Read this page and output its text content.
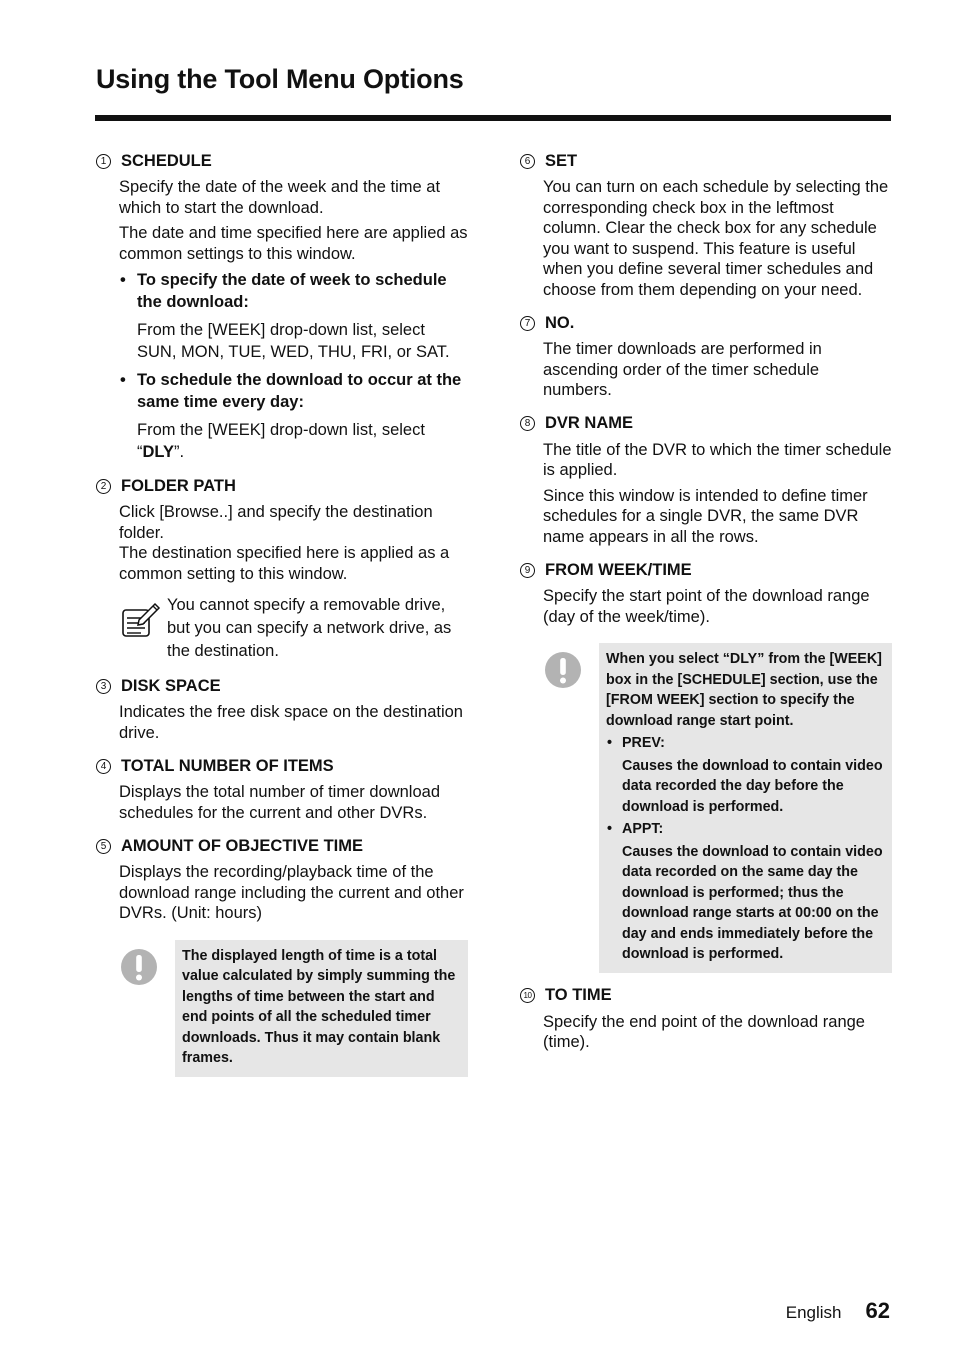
Using the Tool Menu Options
1 SCHEDULE

Specify the date of the week and the time at which to start the download.

The date and time specified here are applied as common settings to this window.

• To specify the date of week to schedule the download:
From the [WEEK] drop-down list, select SUN, MON, TUE, WED, THU, FRI, or SAT.
• To schedule the download to occur at the same time every day:
From the [WEEK] drop-down list, select “DLY”.
2 FOLDER PATH

Click [Browse..] and specify the destination folder.

The destination specified here is applied as a common setting to this window.

You cannot specify a removable drive, but you can specify a network drive, as the destination.
3 DISK SPACE

Indicates the free disk space on the destination drive.

4 TOTAL NUMBER OF ITEMS

Displays the total number of timer download schedules for the current and other DVRs.

5 AMOUNT OF OBJECTIVE TIME

Displays the recording/playback time of the download range including the current and other DVRs. (Unit: hours)

The displayed length of time is a total value calculated by simply summing the lengths of time between the start and end points of all the scheduled timer downloads. Thus it may contain blank frames.
6 SET

You can turn on each schedule by selecting the corresponding check box in the leftmost column. Clear the check box for any schedule you want to suspend. This feature is useful when you define several timer schedules and choose from them depending on your need.

7 NO.

The timer downloads are performed in ascending order of the timer schedule numbers.

8 DVR NAME

The title of the DVR to which the timer schedule is applied.

Since this window is intended to define timer schedules for a single DVR, the same DVR name appears in all the rows.

9 FROM WEEK/TIME

Specify the start point of the download range (day of the week/time).

When you select “DLY” from the [WEEK] box in the [SCHEDULE] section, use the [FROM WEEK] section to specify the download range start point.

• PREV:
Causes the download to contain video data recorded the day before the download is performed.
• APPT:
Causes the download to contain video data recorded on the same day the download is performed; thus the download range starts at 00:00 on the day and ends immediately before the download is performed.
10 TO TIME

Specify the end point of the download range (time).

English 62
